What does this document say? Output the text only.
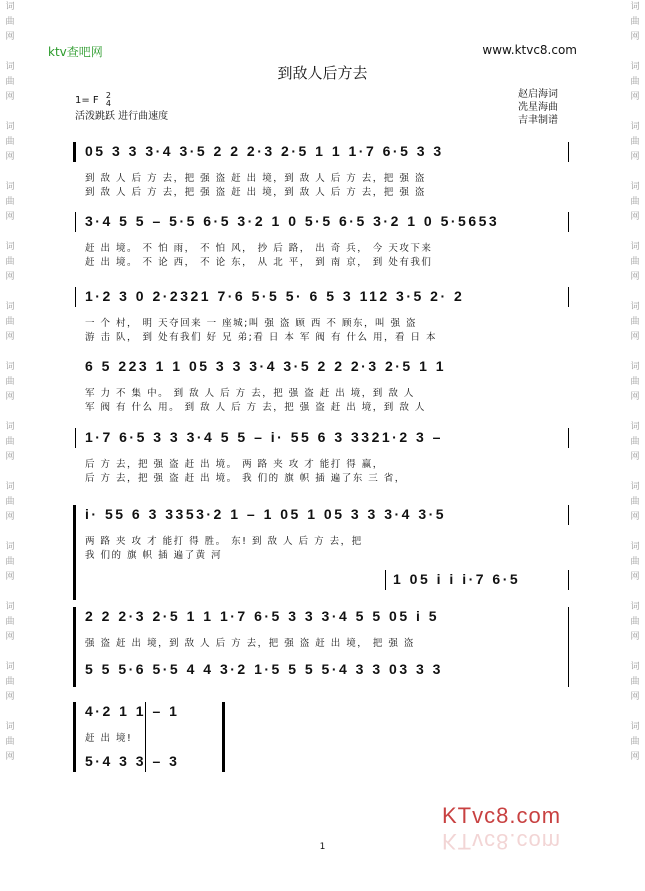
词
曲
网

词
曲
网

词
曲
网

词
曲
网

词
曲
网

词
曲
网

词
曲
网

词
曲
网

词
曲
网

词
曲
网

词
曲
网

词
曲
网

词
曲
网
词
曲
网

词
曲
网

词
曲
网

词
曲
网

词
曲
网

词
曲
网

词
曲
网

词
曲
网

词
曲
网

词
曲
网

词
曲
网

词
曲
网

词
曲
网
ktv查吧网	www.ktvc8.com
到敌人后方去
1= F 2
4
活泼跳跃 进行曲速度
赵启海词
冼星海曲
吉聿制谱
05 3 3 3·4 3·5 2 2 2·3 2·5 1 1 1·7 6·5 3 3
到 敌 人 后 方 去，把 强 盗 赶 出 境，到 敌 人 后 方 去，把 强 盗
到 敌 人 后 方 去，把 强 盗 赶 出 境，到 敌 人 后 方 去，把 强 盗
3·4 5 5 – 5·5 6·5 3·2 1 0 5·5 6·5 3·2 1 0 5·5653
赶 出 境。 不 怕 雨， 不 怕 风， 抄 后 路， 出 奇 兵， 今 天攻下来
赶 出 境。 不 论 西， 不 论 东， 从 北 平， 到 南 京， 到 处有我们
1·2 3 0 2·2321 7·6 5·5 5· 6 5 3 112 3·5 2· 2
一 个 村， 明 天夺回来 一 座城;叫 强 盗 顾 西 不 顾东，叫 强 盗
游 击 队， 到 处有我们 好 兄 弟;看 日 本 军 阀 有 什么 用，看 日 本
6 5 223 1 1 05 3 3 3·4 3·5 2 2 2·3 2·5 1 1
军 力 不 集 中。 到 敌 人 后 方 去，把 强 盗 赶 出 境，到 敌 人
军 阀 有 什么 用。 到 敌 人 后 方 去，把 强 盗 赶 出 境，到 敌 人
1·7 6·5 3 3 3·4 5 5 – i· 55 6 3 3321·2 3 –
后 方 去，把 强 盗 赶 出 境。 两 路 夹 攻 才 能打 得 赢，
后 方 去，把 强 盗 赶 出 境。 我 们的 旗 帜 插 遍了东 三 省，
i· 55 6 3 3353·2 1 – 1 05 1 05 3 3 3·4 3·5
两 路 夹 攻 才 能打 得 胜。 东! 到 敌 人 后 方 去，把
我 们的 旗 帜 插 遍了黄 河
1 05 i i i·7 6·5
2 2 2·3 2·5 1 1 1·7 6·5 3 3 3·4 5 5 05 i 5
强 盗 赶 出 境，到 敌 人 后 方 去，把 强 盗 赶 出 境， 把 强 盗
5 5 5·6 5·5 4 4 3·2 1·5 5 5 5·4 3 3 03 3 3
4·2 1 1 – 1
赶 出 境!
5·4 3 3 – 3
KTvc8.com
KTvc8.com
1
